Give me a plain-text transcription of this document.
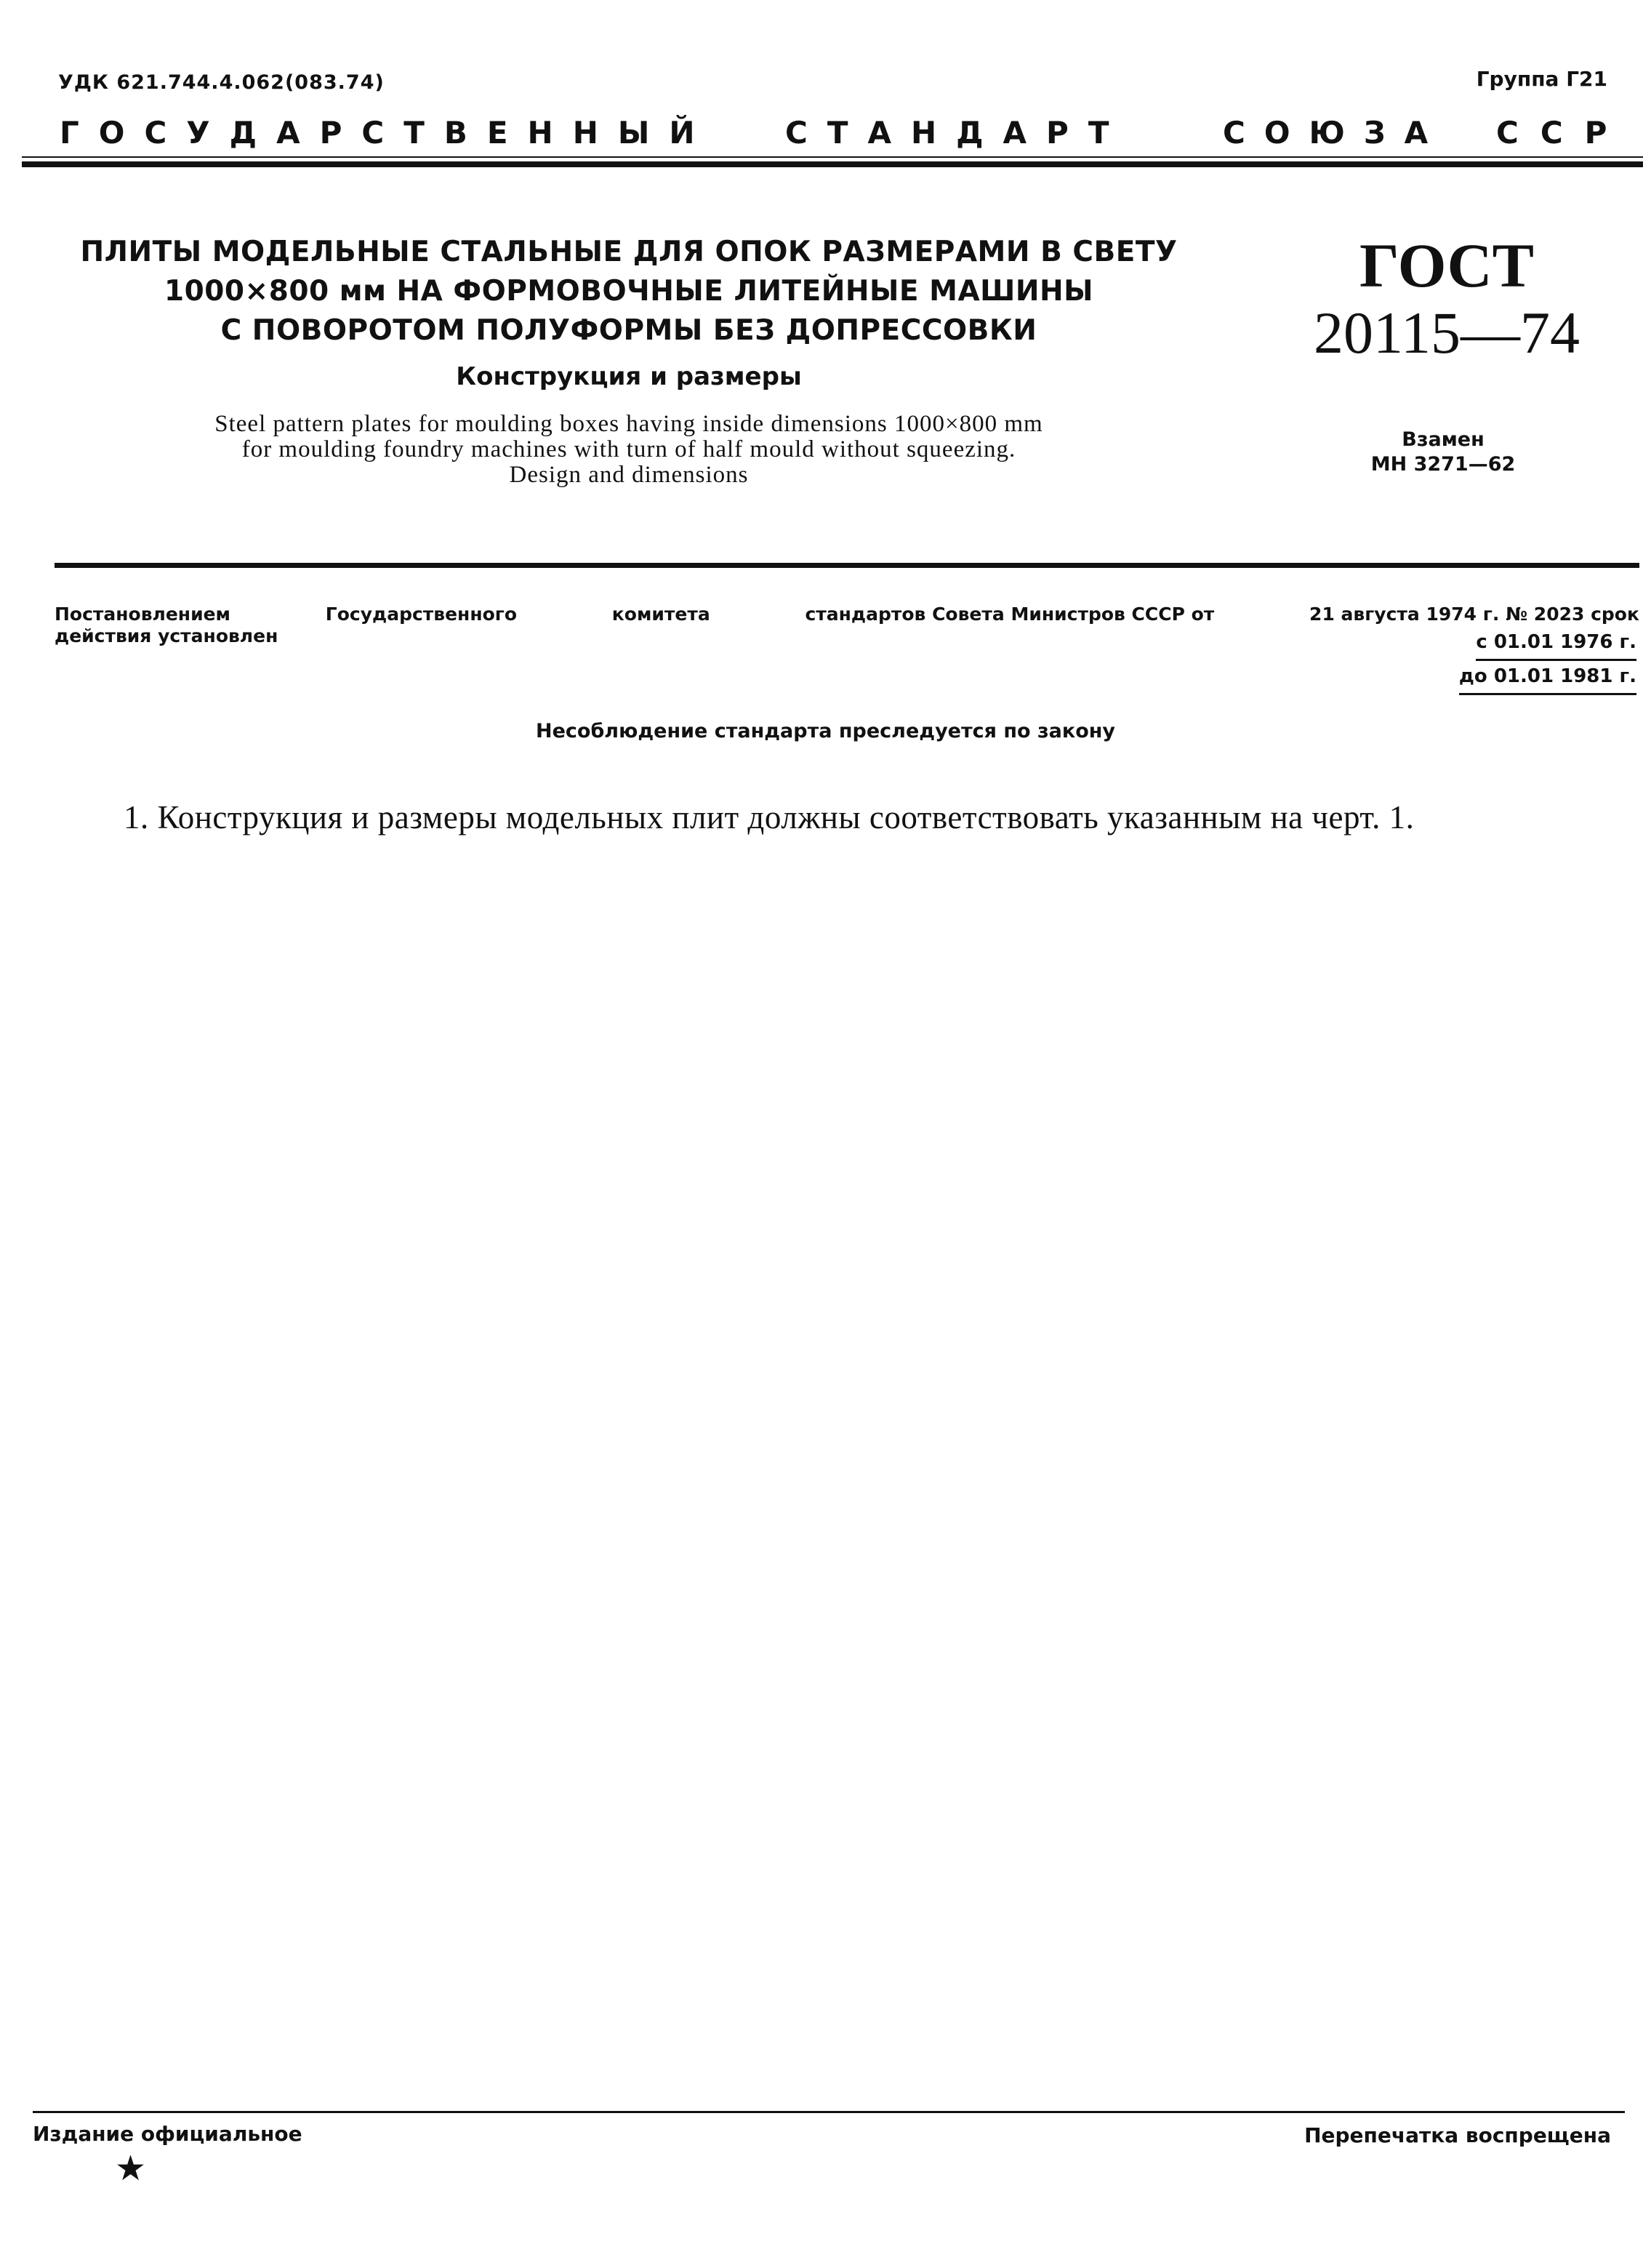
УДК 621.744.4.062(083.74)	Группа Г21
ГОСУДАРСТВЕННЫЙ СТАНДАРТ	СОЮЗА ССР
ПЛИТЫ МОДЕЛЬНЫЕ СТАЛЬНЫЕ ДЛЯ ОПОК РАЗМЕРАМИ В СВЕТУ
1000×800 мм НА ФОРМОВОЧНЫЕ ЛИТЕЙНЫЕ МАШИНЫ
С ПОВОРОТОМ ПОЛУФОРМЫ БЕЗ ДОПРЕССОВКИ
Конструкция и размеры
Steel pattern plates for moulding boxes having inside dimensions 1000×800 mm
for moulding foundry machines with turn of half mould without squeezing.
Design and dimensions
ГОСТ
20115—74
Взамен
МН 3271—62
Постановлением	Государственного	комитета	стандартов Совета Министров СССР от	21 августа 1974 г. № 2023 срок
действия установлен	с 01.01 1976 г.
до 01.01 1981 г.
Несоблюдение стандарта преследуется по закону
1. Конструкция и размеры модельных плит должны соответствовать указанным на черт. 1.
Издание официальное	Перепечатка воспрещена
★
